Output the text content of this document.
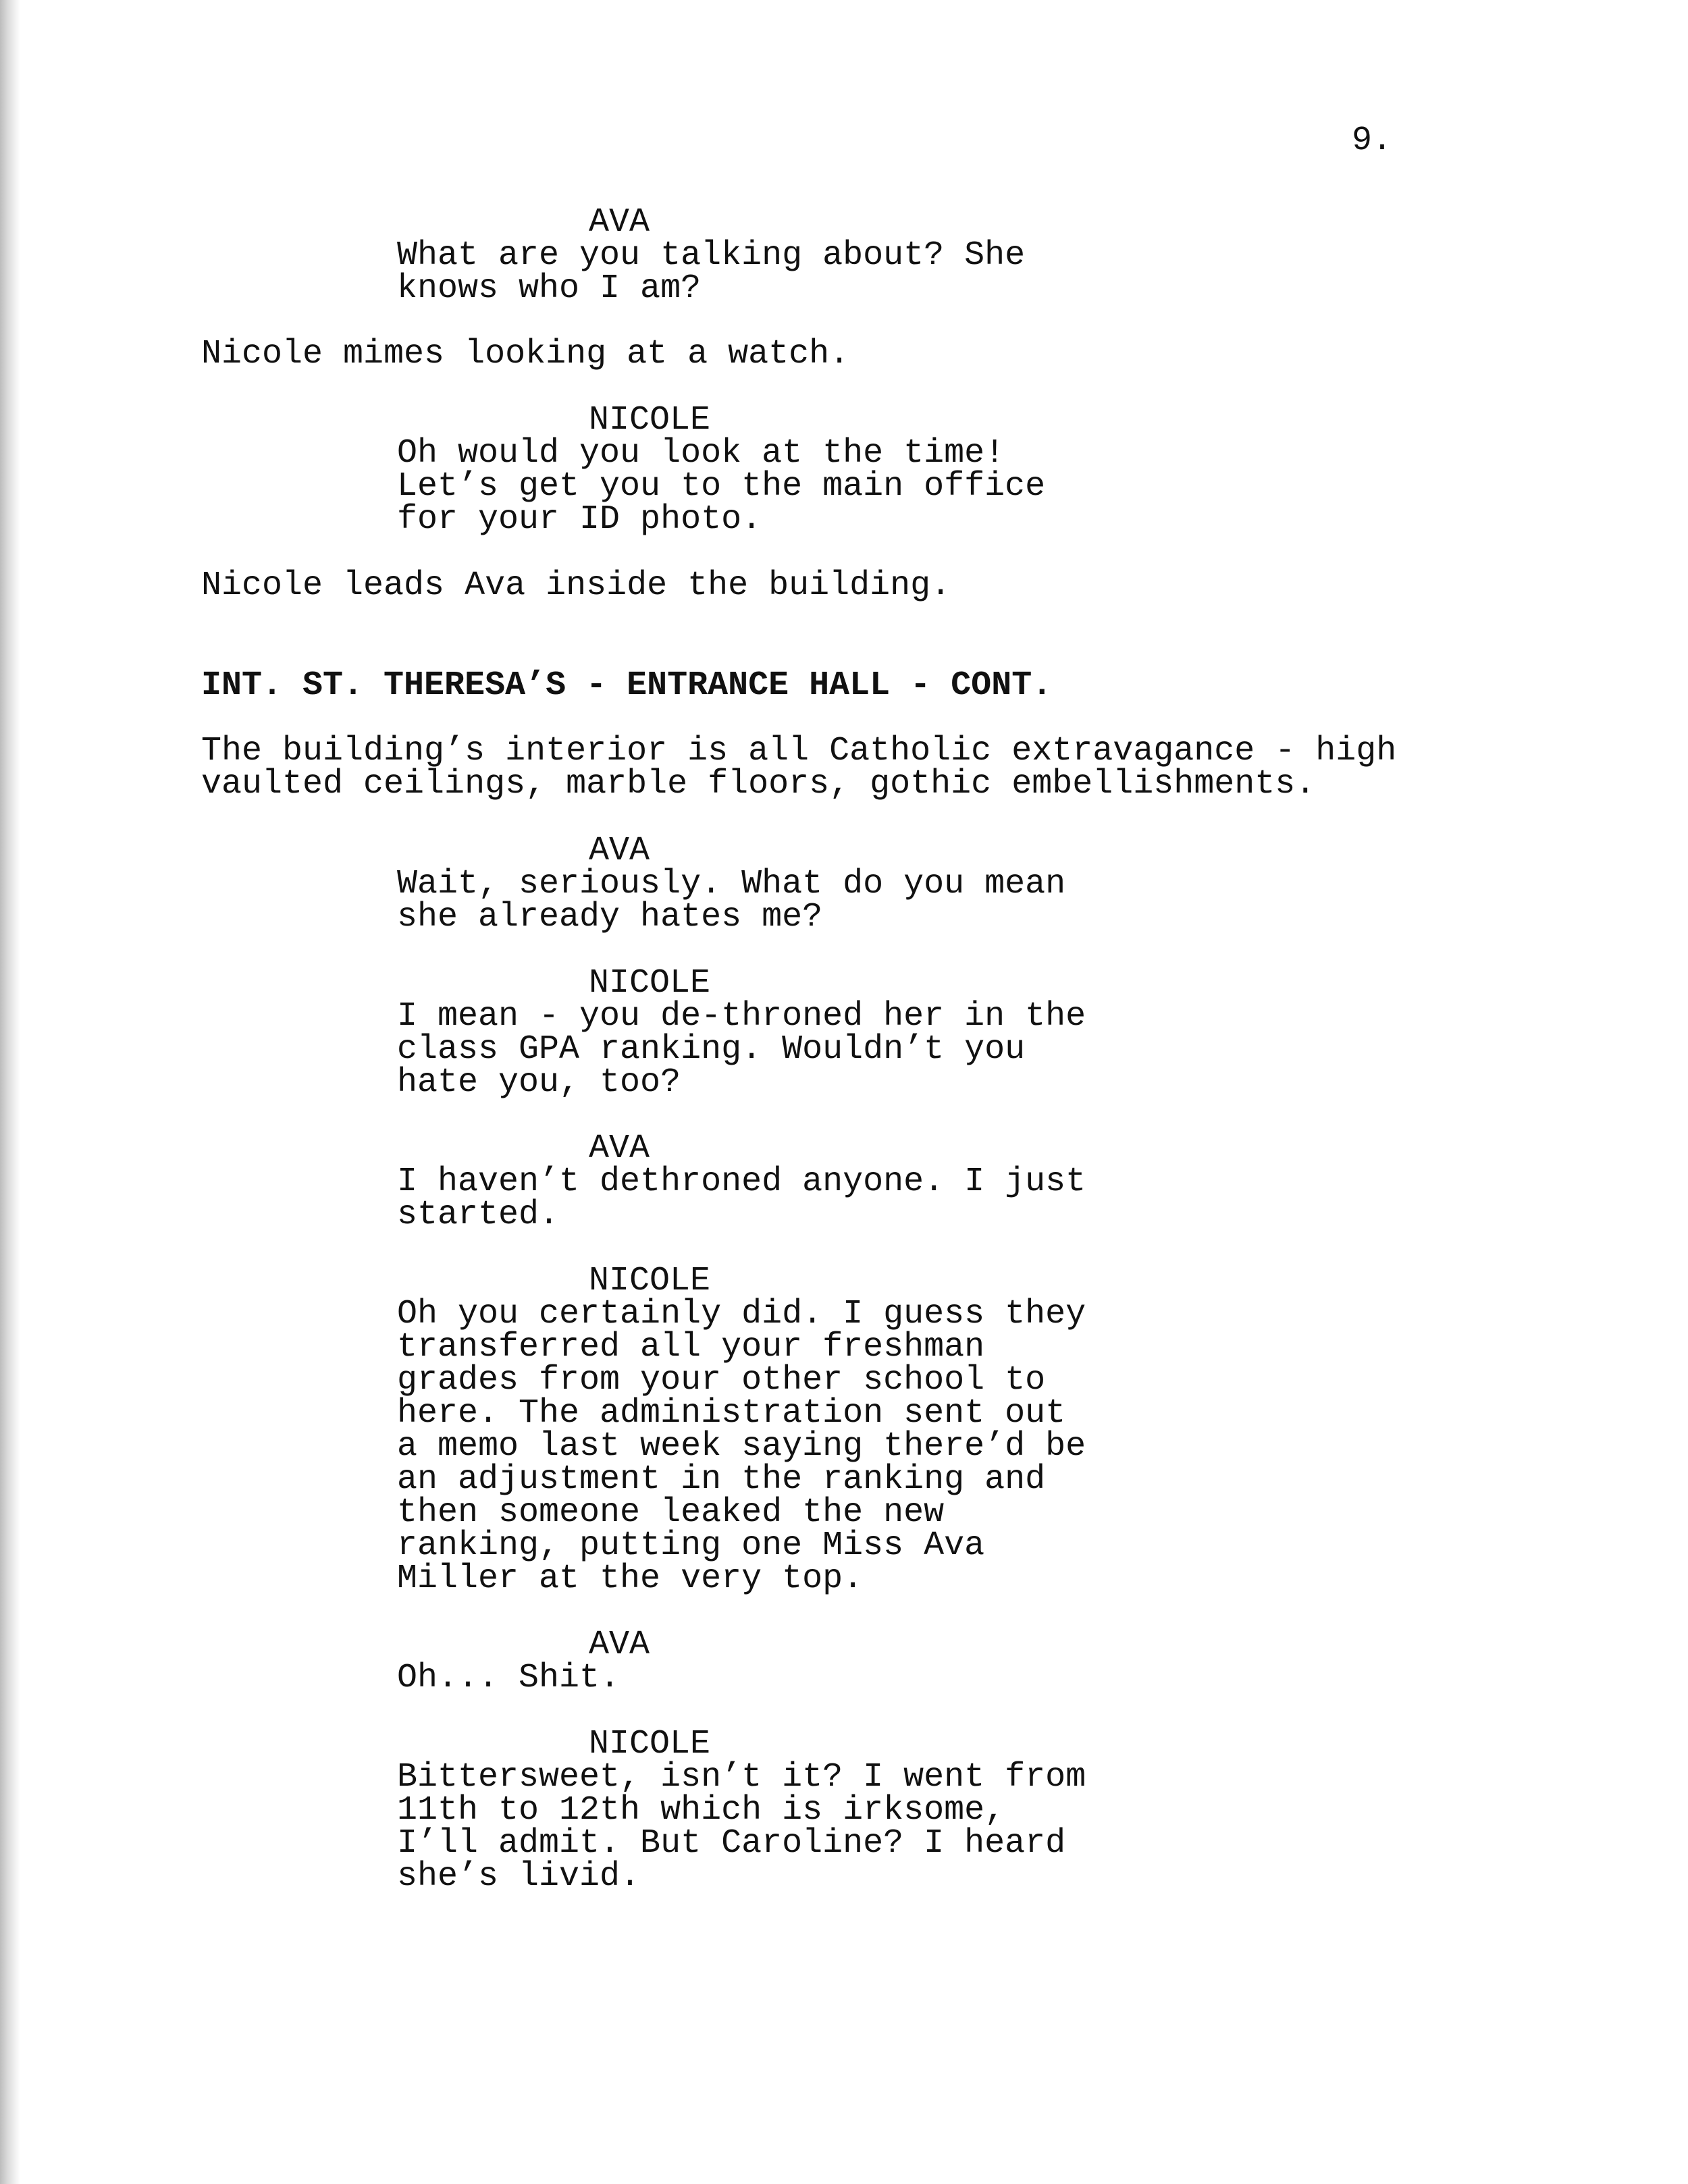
9.
AVA
What are you talking about? She
knows who I am?
Nicole mimes looking at a watch.
NICOLE
Oh would you look at the time!
Let’s get you to the main office
for your ID photo.
Nicole leads Ava inside the building.
INT. ST. THERESA’S - ENTRANCE HALL - CONT.
The building’s interior is all Catholic extravagance - high
vaulted ceilings, marble floors, gothic embellishments.
AVA
Wait, seriously. What do you mean
she already hates me?
NICOLE
I mean - you de-throned her in the
class GPA ranking. Wouldn’t you
hate you, too?
AVA
I haven’t dethroned anyone. I just
started.
NICOLE
Oh you certainly did. I guess they
transferred all your freshman
grades from your other school to
here. The administration sent out
a memo last week saying there’d be
an adjustment in the ranking and
then someone leaked the new
ranking, putting one Miss Ava
Miller at the very top.
AVA
Oh... Shit.
NICOLE
Bittersweet, isn’t it? I went from
11th to 12th which is irksome,
I’ll admit. But Caroline? I heard
she’s livid.
